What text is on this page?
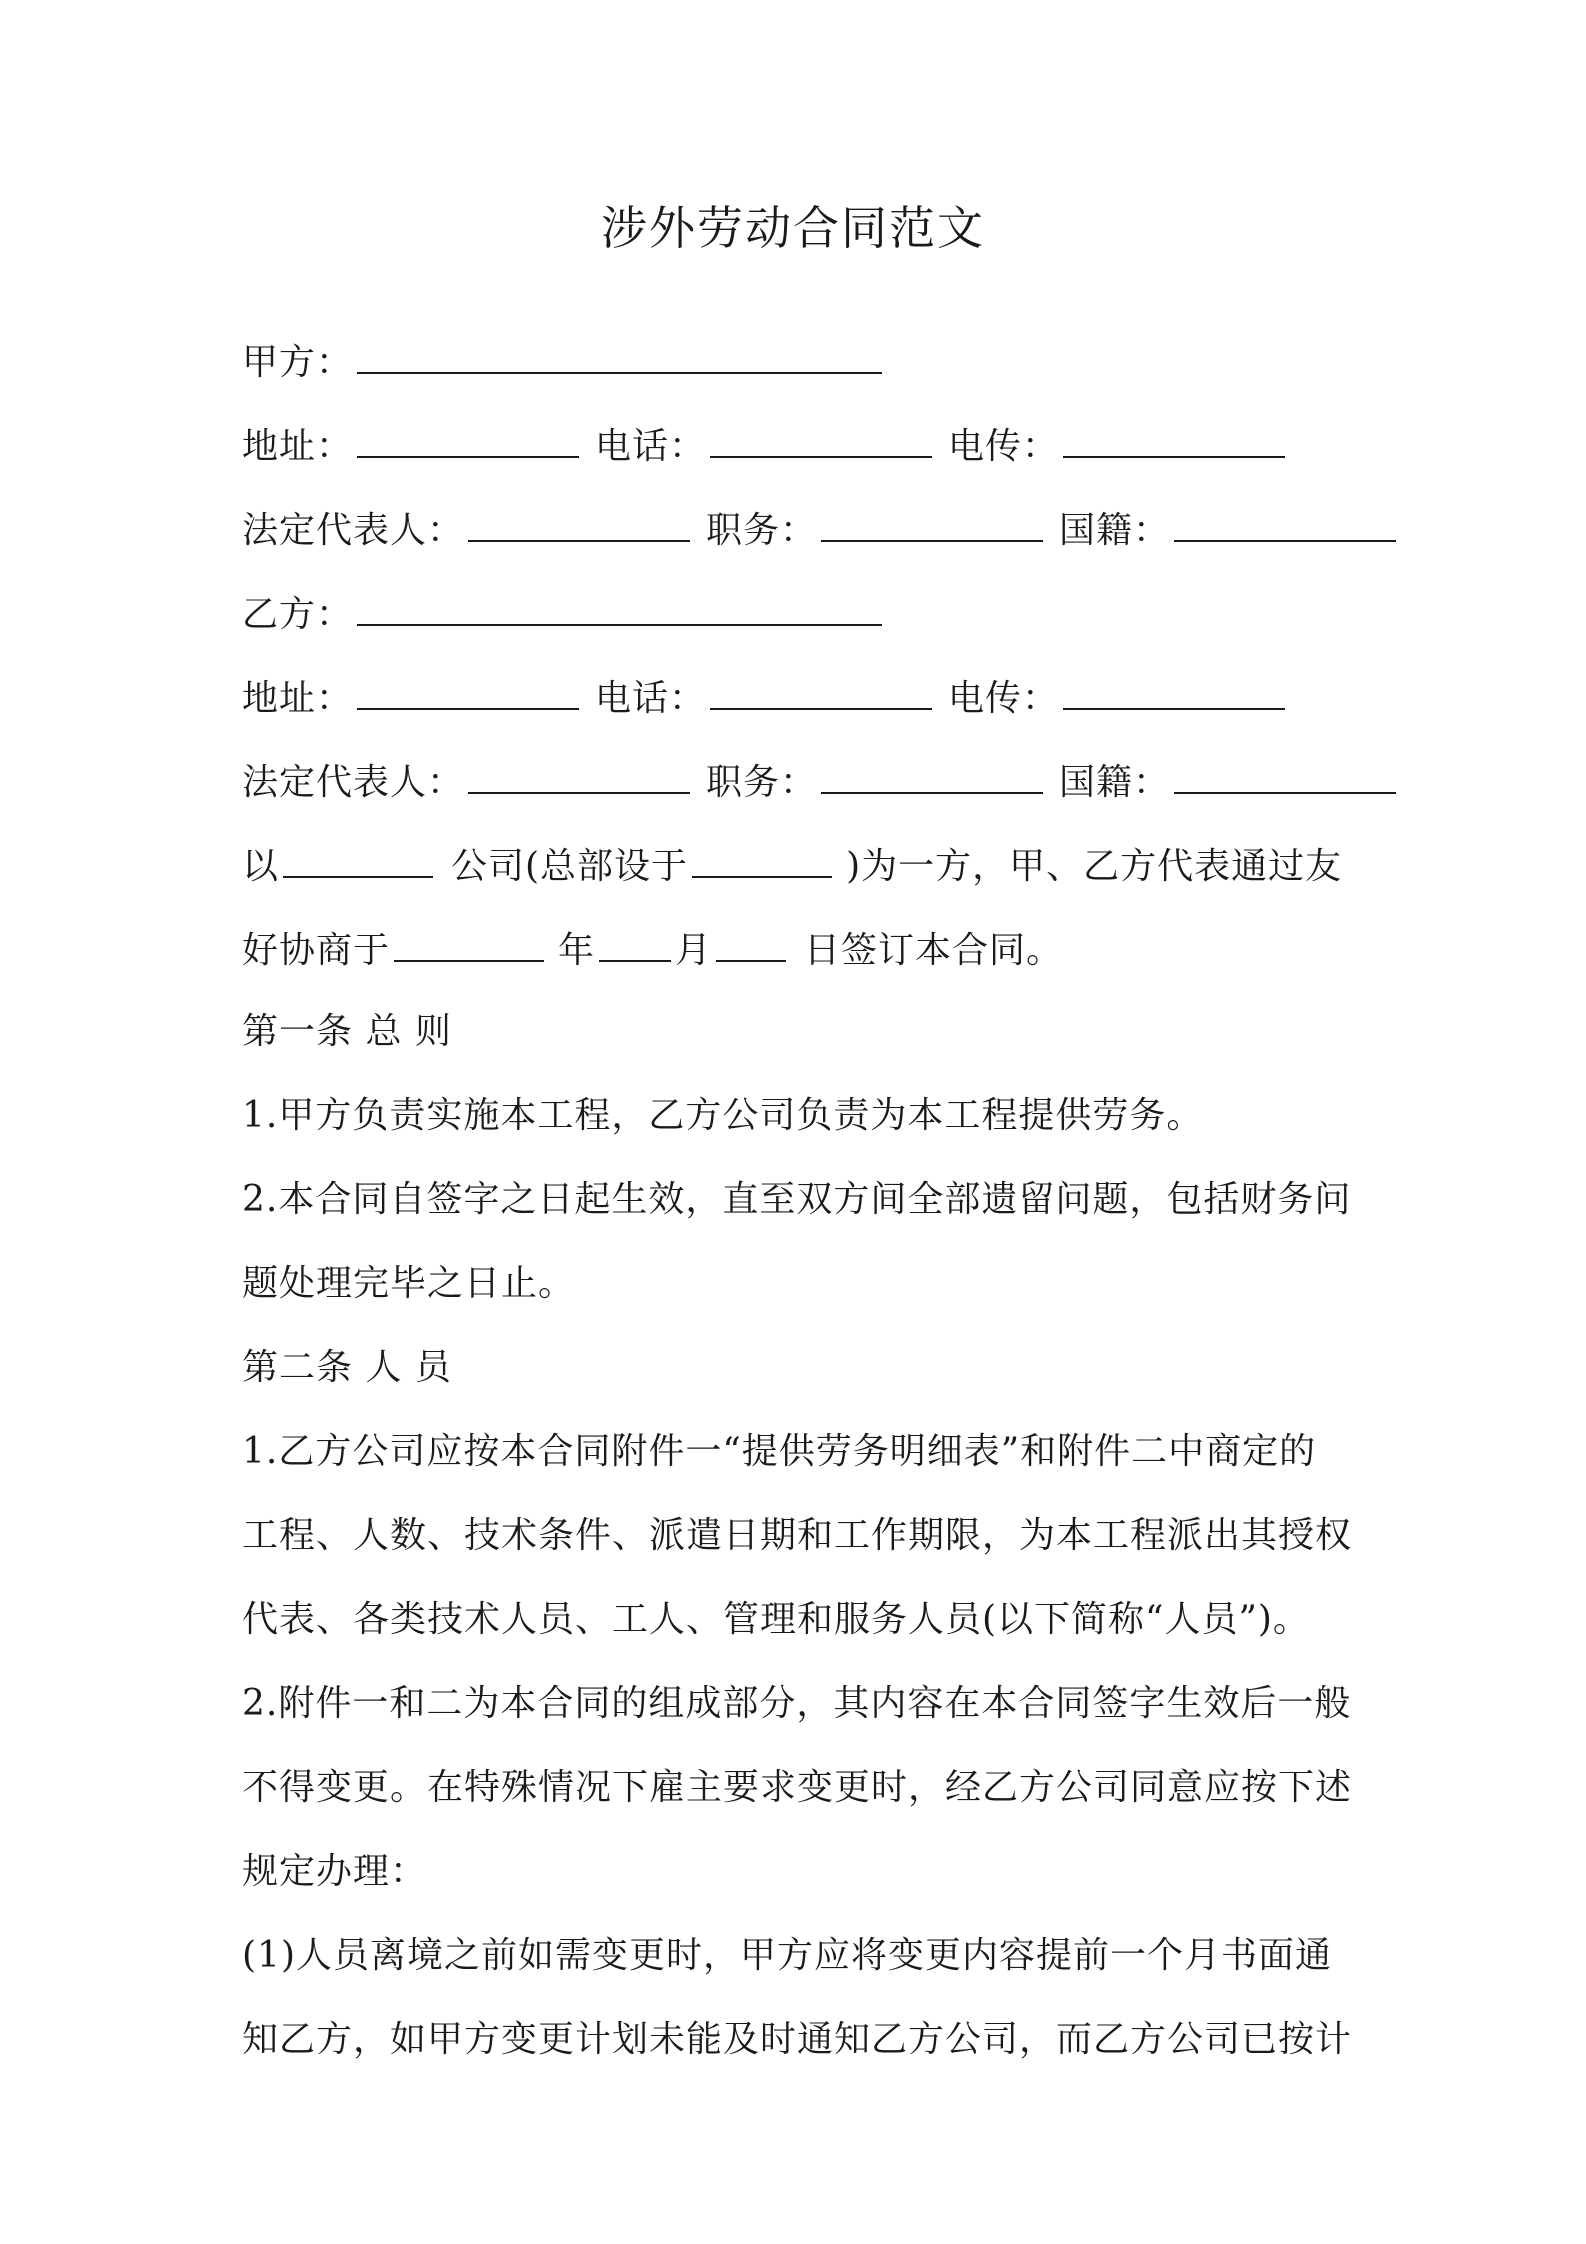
涉外劳动合同范文
甲方：
地址：	电话：	电传：
法定代表人：	职务：	国籍：
乙方：
地址：	电话：	电传：
法定代表人：	职务：	国籍：
以	公司(总部设于	)为一方，甲、乙方代表通过友
好协商于	年 月	日签订本合同。
第一条 总 则
1.甲方负责实施本工程，乙方公司负责为本工程提供劳务。
2.本合同自签字之日起生效，直至双方间全部遗留问题，包括财务问
题处理完毕之日止。
第二条 人 员
1.乙方公司应按本合同附件一“提供劳务明细表”和附件二中商定的
工程、人数、技术条件、派遣日期和工作期限，为本工程派出其授权
代表、各类技术人员、工人、管理和服务人员(以下简称“人员”)。
2.附件一和二为本合同的组成部分，其内容在本合同签字生效后一般
不得变更。在特殊情况下雇主要求变更时，经乙方公司同意应按下述
规定办理：
(1)人员离境之前如需变更时，甲方应将变更内容提前一个月书面通
知乙方，如甲方变更计划未能及时通知乙方公司，而乙方公司已按计
